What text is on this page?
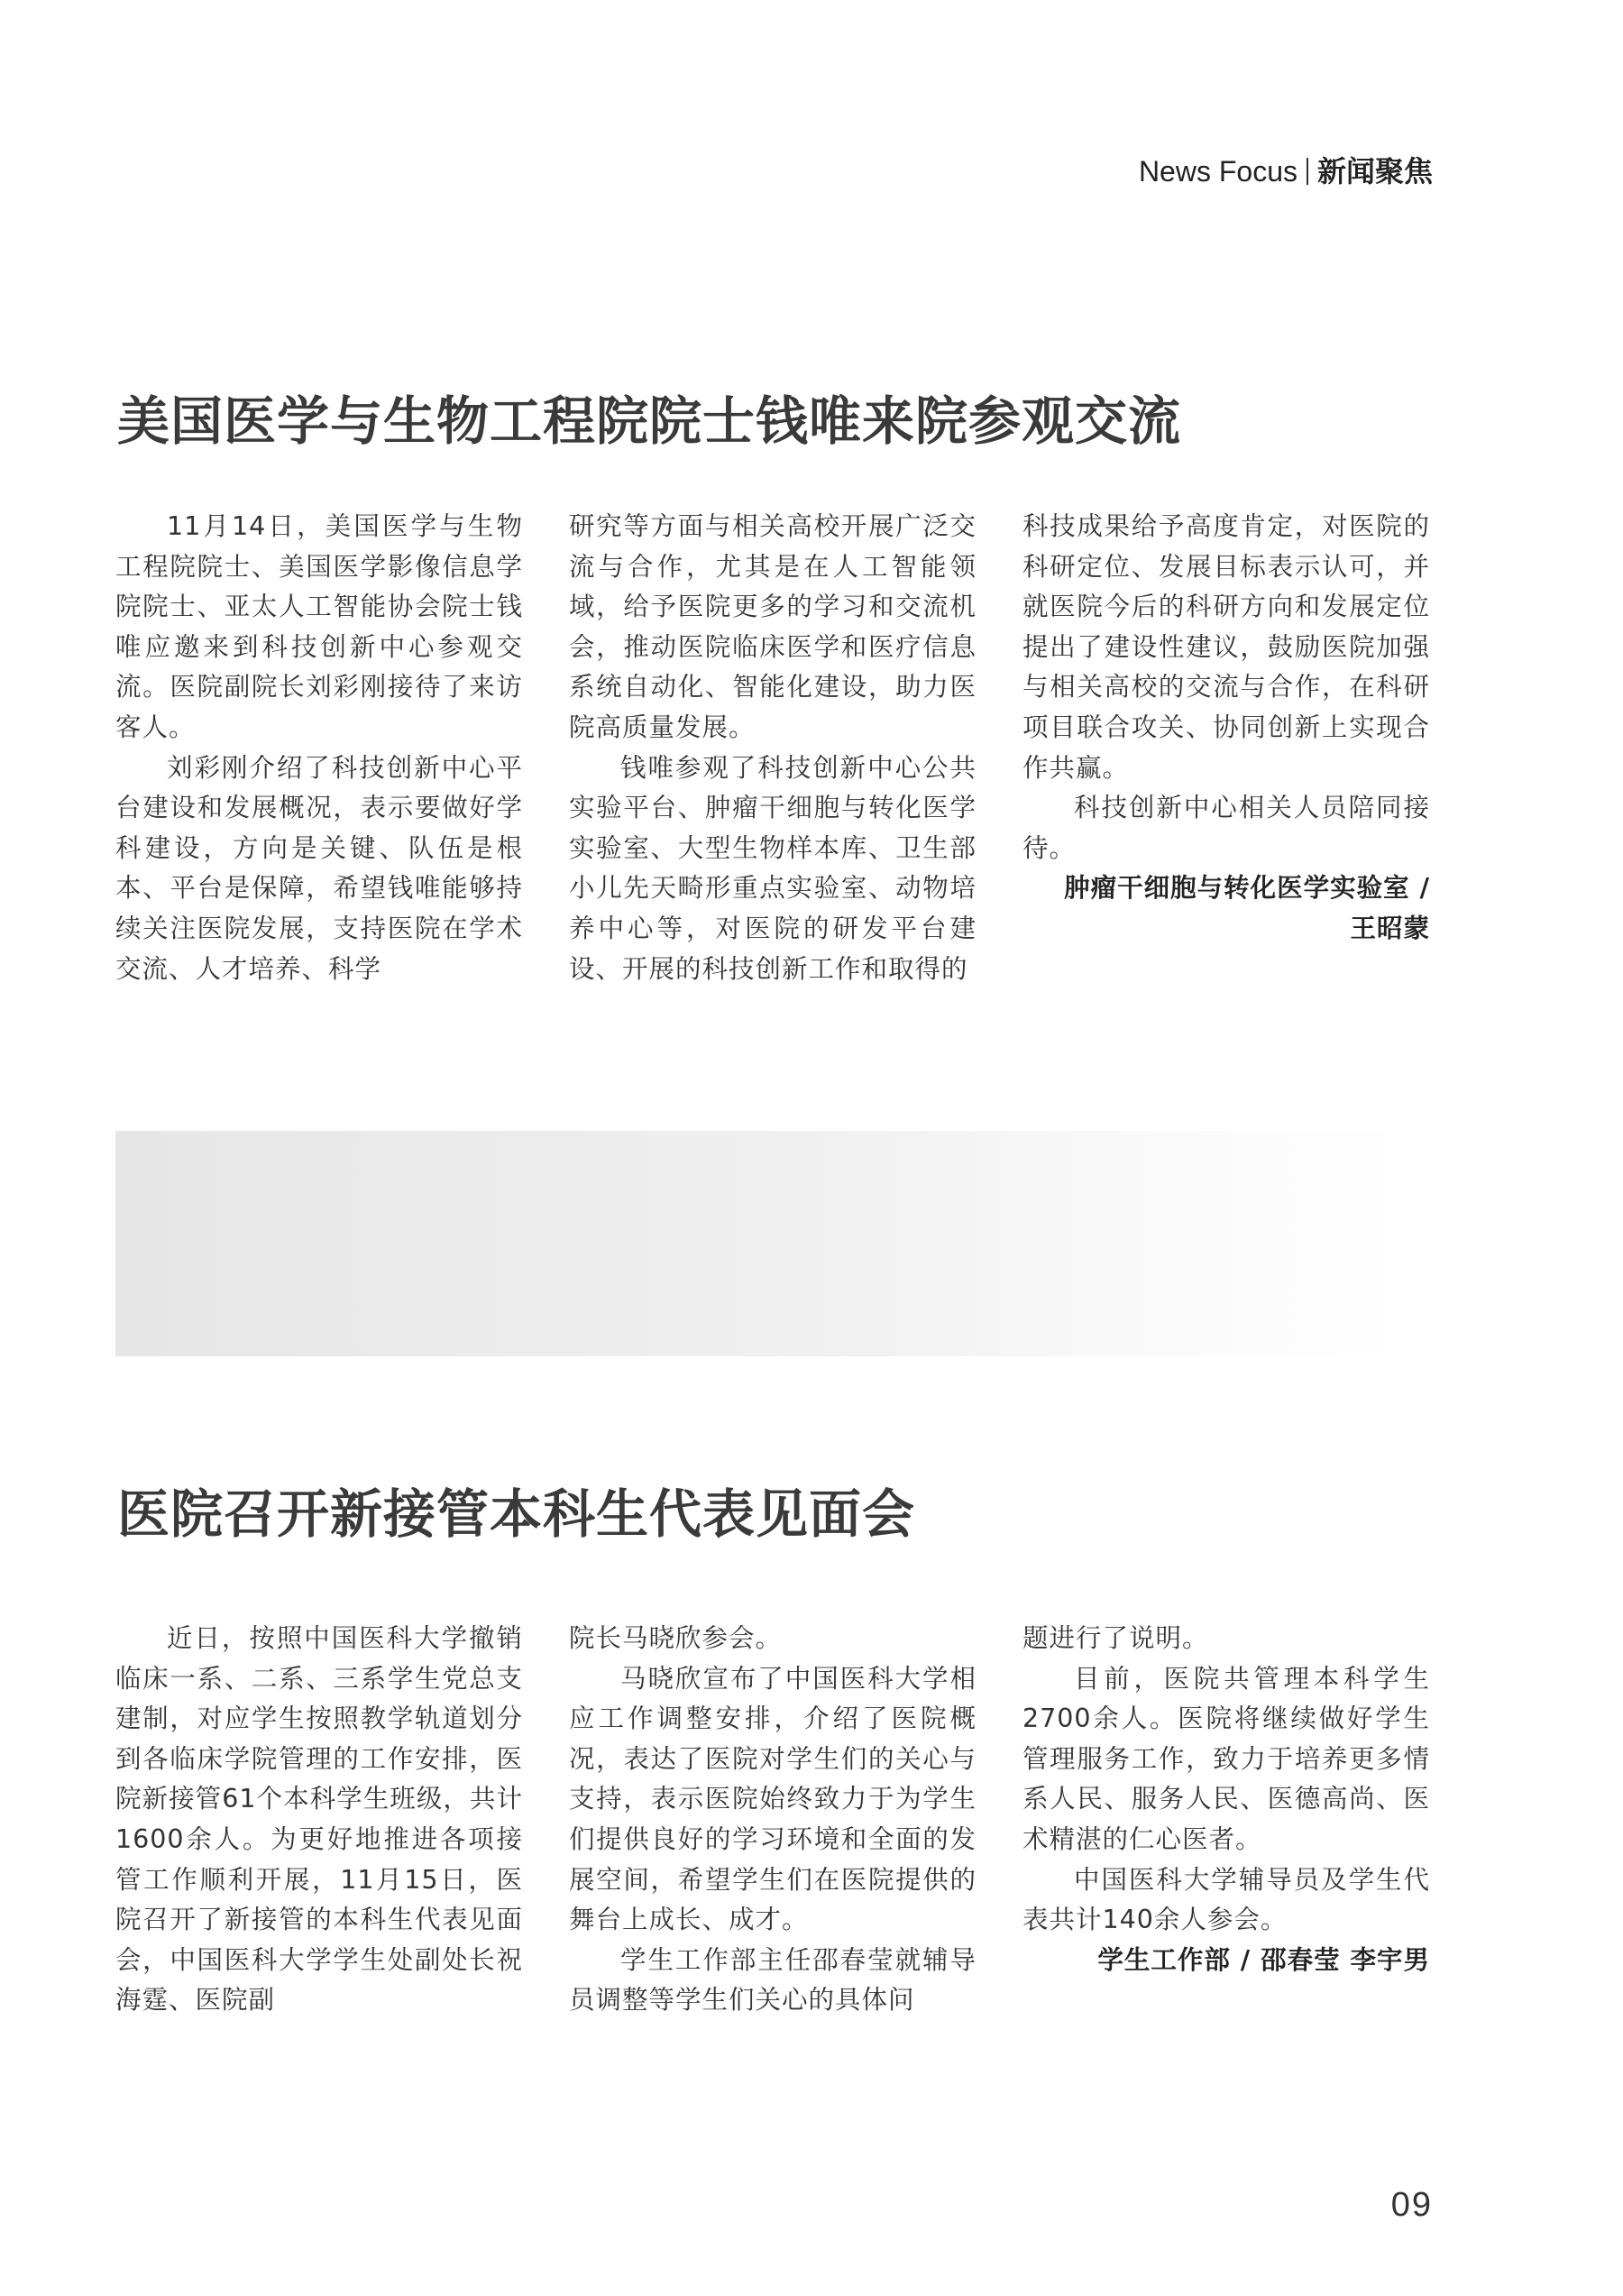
News Focus 新闻聚焦
美国医学与生物工程院院士钱唯来院参观交流

11月14日，美国医学与生物工程院院士、美国医学影像信息学院院士、亚太人工智能协会院士钱唯应邀来到科技创新中心参观交流。医院副院长刘彩刚接待了来访客人。

刘彩刚介绍了科技创新中心平台建设和发展概况，表示要做好学科建设，方向是关键、队伍是根本、平台是保障，希望钱唯能够持续关注医院发展，支持医院在学术交流、人才培养、科学

研究等方面与相关高校开展广泛交流与合作，尤其是在人工智能领域，给予医院更多的学习和交流机会，推动医院临床医学和医疗信息系统自动化、智能化建设，助力医院高质量发展。

钱唯参观了科技创新中心公共实验平台、肿瘤干细胞与转化医学实验室、大型生物样本库、卫生部小儿先天畸形重点实验室、动物培养中心等，对医院的研发平台建设、开展的科技创新工作和取得的

科技成果给予高度肯定，对医院的科研定位、发展目标表示认可，并就医院今后的科研方向和发展定位提出了建设性建议，鼓励医院加强与相关高校的交流与合作，在科研项目联合攻关、协同创新上实现合作共赢。

科技创新中心相关人员陪同接待。

肿瘤干细胞与转化医学实验室 /
王昭蒙
医院召开新接管本科生代表见面会

近日，按照中国医科大学撤销临床一系、二系、三系学生党总支建制，对应学生按照教学轨道划分到各临床学院管理的工作安排，医院新接管61个本科学生班级，共计1600余人。为更好地推进各项接管工作顺利开展，11月15日，医院召开了新接管的本科生代表见面会，中国医科大学学生处副处长祝海霆、医院副

院长马晓欣参会。

马晓欣宣布了中国医科大学相应工作调整安排，介绍了医院概况，表达了医院对学生们的关心与支持，表示医院始终致力于为学生们提供良好的学习环境和全面的发展空间，希望学生们在医院提供的舞台上成长、成才。

学生工作部主任邵春莹就辅导员调整等学生们关心的具体问

题进行了说明。

目前，医院共管理本科学生2700余人。医院将继续做好学生管理服务工作，致力于培养更多情系人民、服务人民、医德高尚、医术精湛的仁心医者。

中国医科大学辅导员及学生代表共计140余人参会。

学生工作部 / 邵春莹 李宇男
09
